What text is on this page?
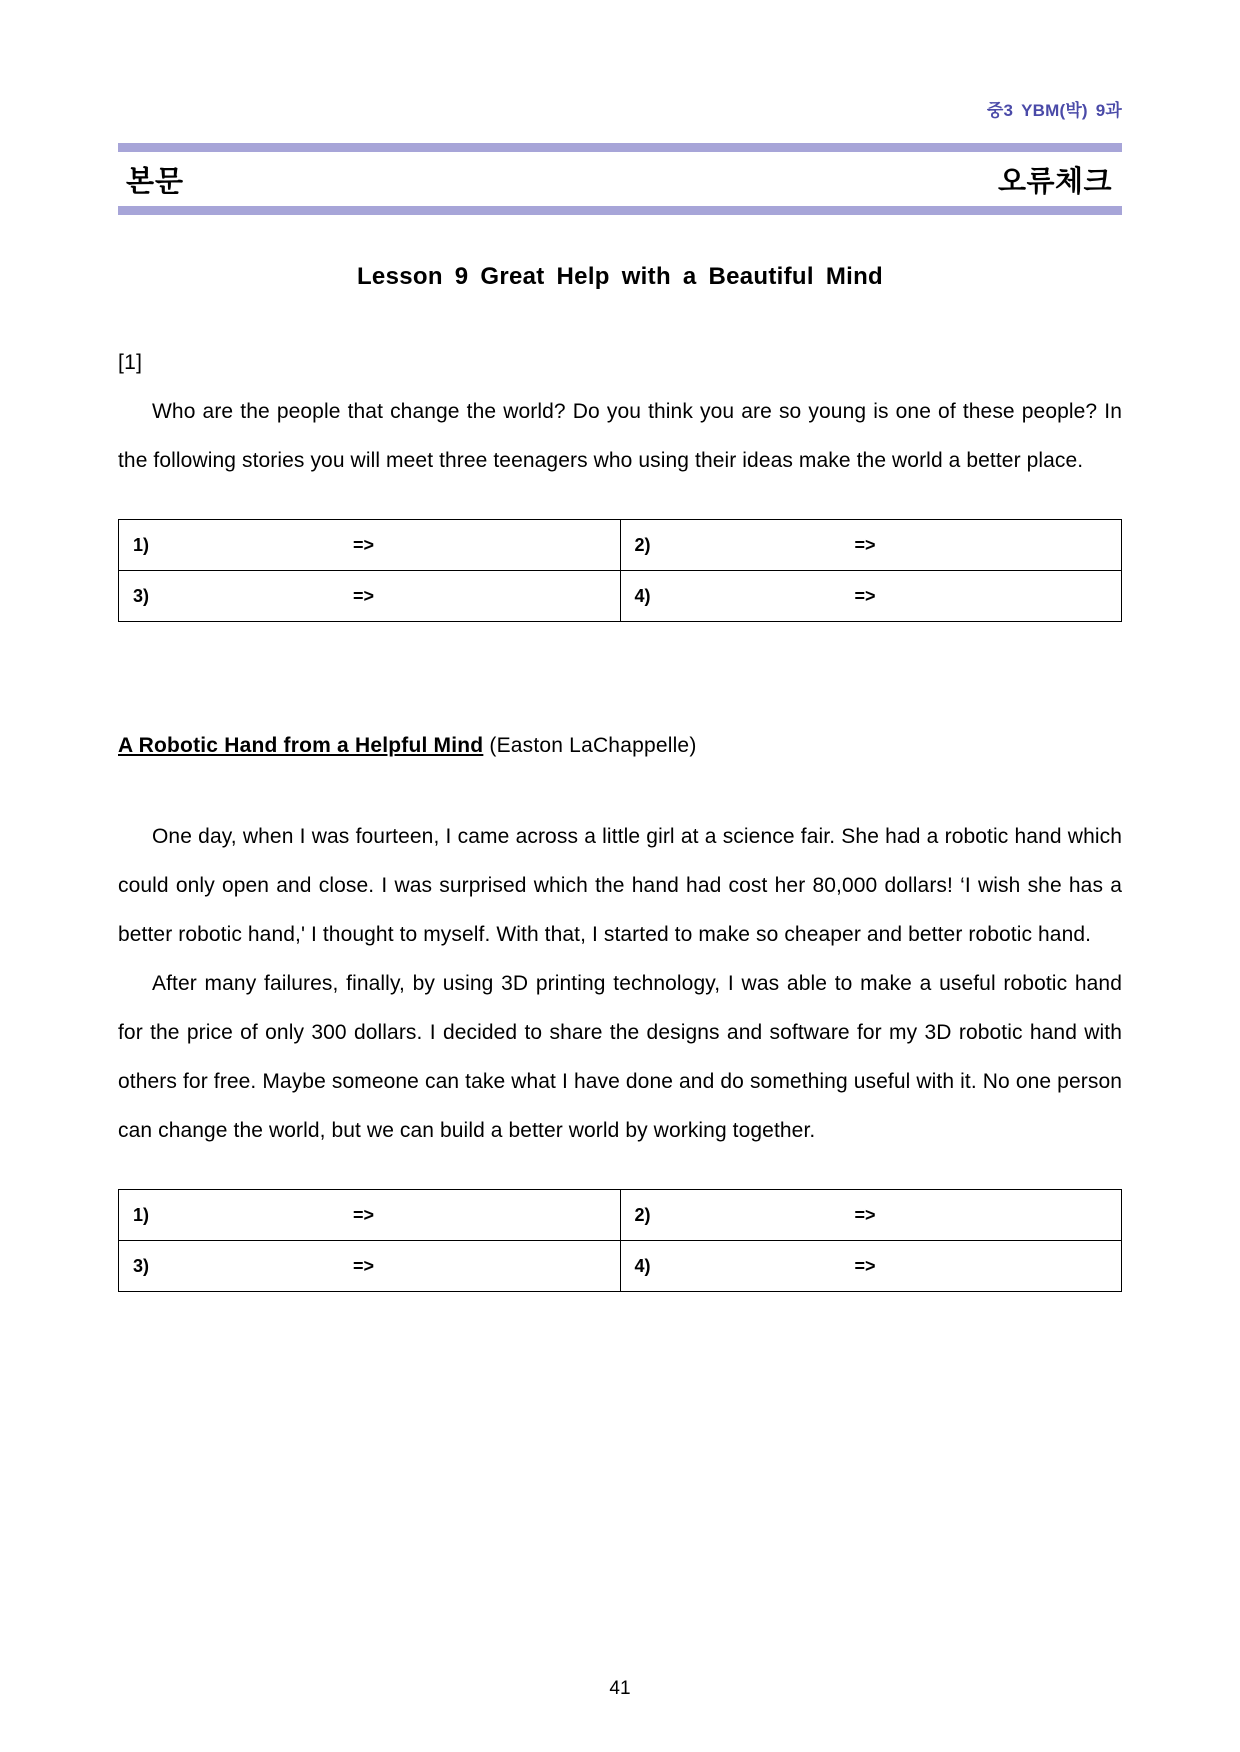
중3 YBM(박) 9과
본문	오류체크
Lesson 9 Great Help with a Beautiful Mind
[1]

Who are the people that change the world? Do you think you are so young is one of these people? In the following stories you will meet three teenagers who using their ideas make the world a better place.

1) =>	2) =>

3) =>	4) =>
A Robotic Hand from a Helpful Mind (Easton LaChappelle)

One day, when I was fourteen, I came across a little girl at a science fair. She had a robotic hand which could only open and close. I was surprised which the hand had cost her 80,000 dollars! ‘I wish she has a better robotic hand,' I thought to myself. With that, I started to make so cheaper and better robotic hand.

After many failures, finally, by using 3D printing technology, I was able to make a useful robotic hand for the price of only 300 dollars. I decided to share the designs and software for my 3D robotic hand with others for free. Maybe someone can take what I have done and do something useful with it. No one person can change the world, but we can build a better world by working together.

1) =>	2) =>

3) =>	4) =>
41
